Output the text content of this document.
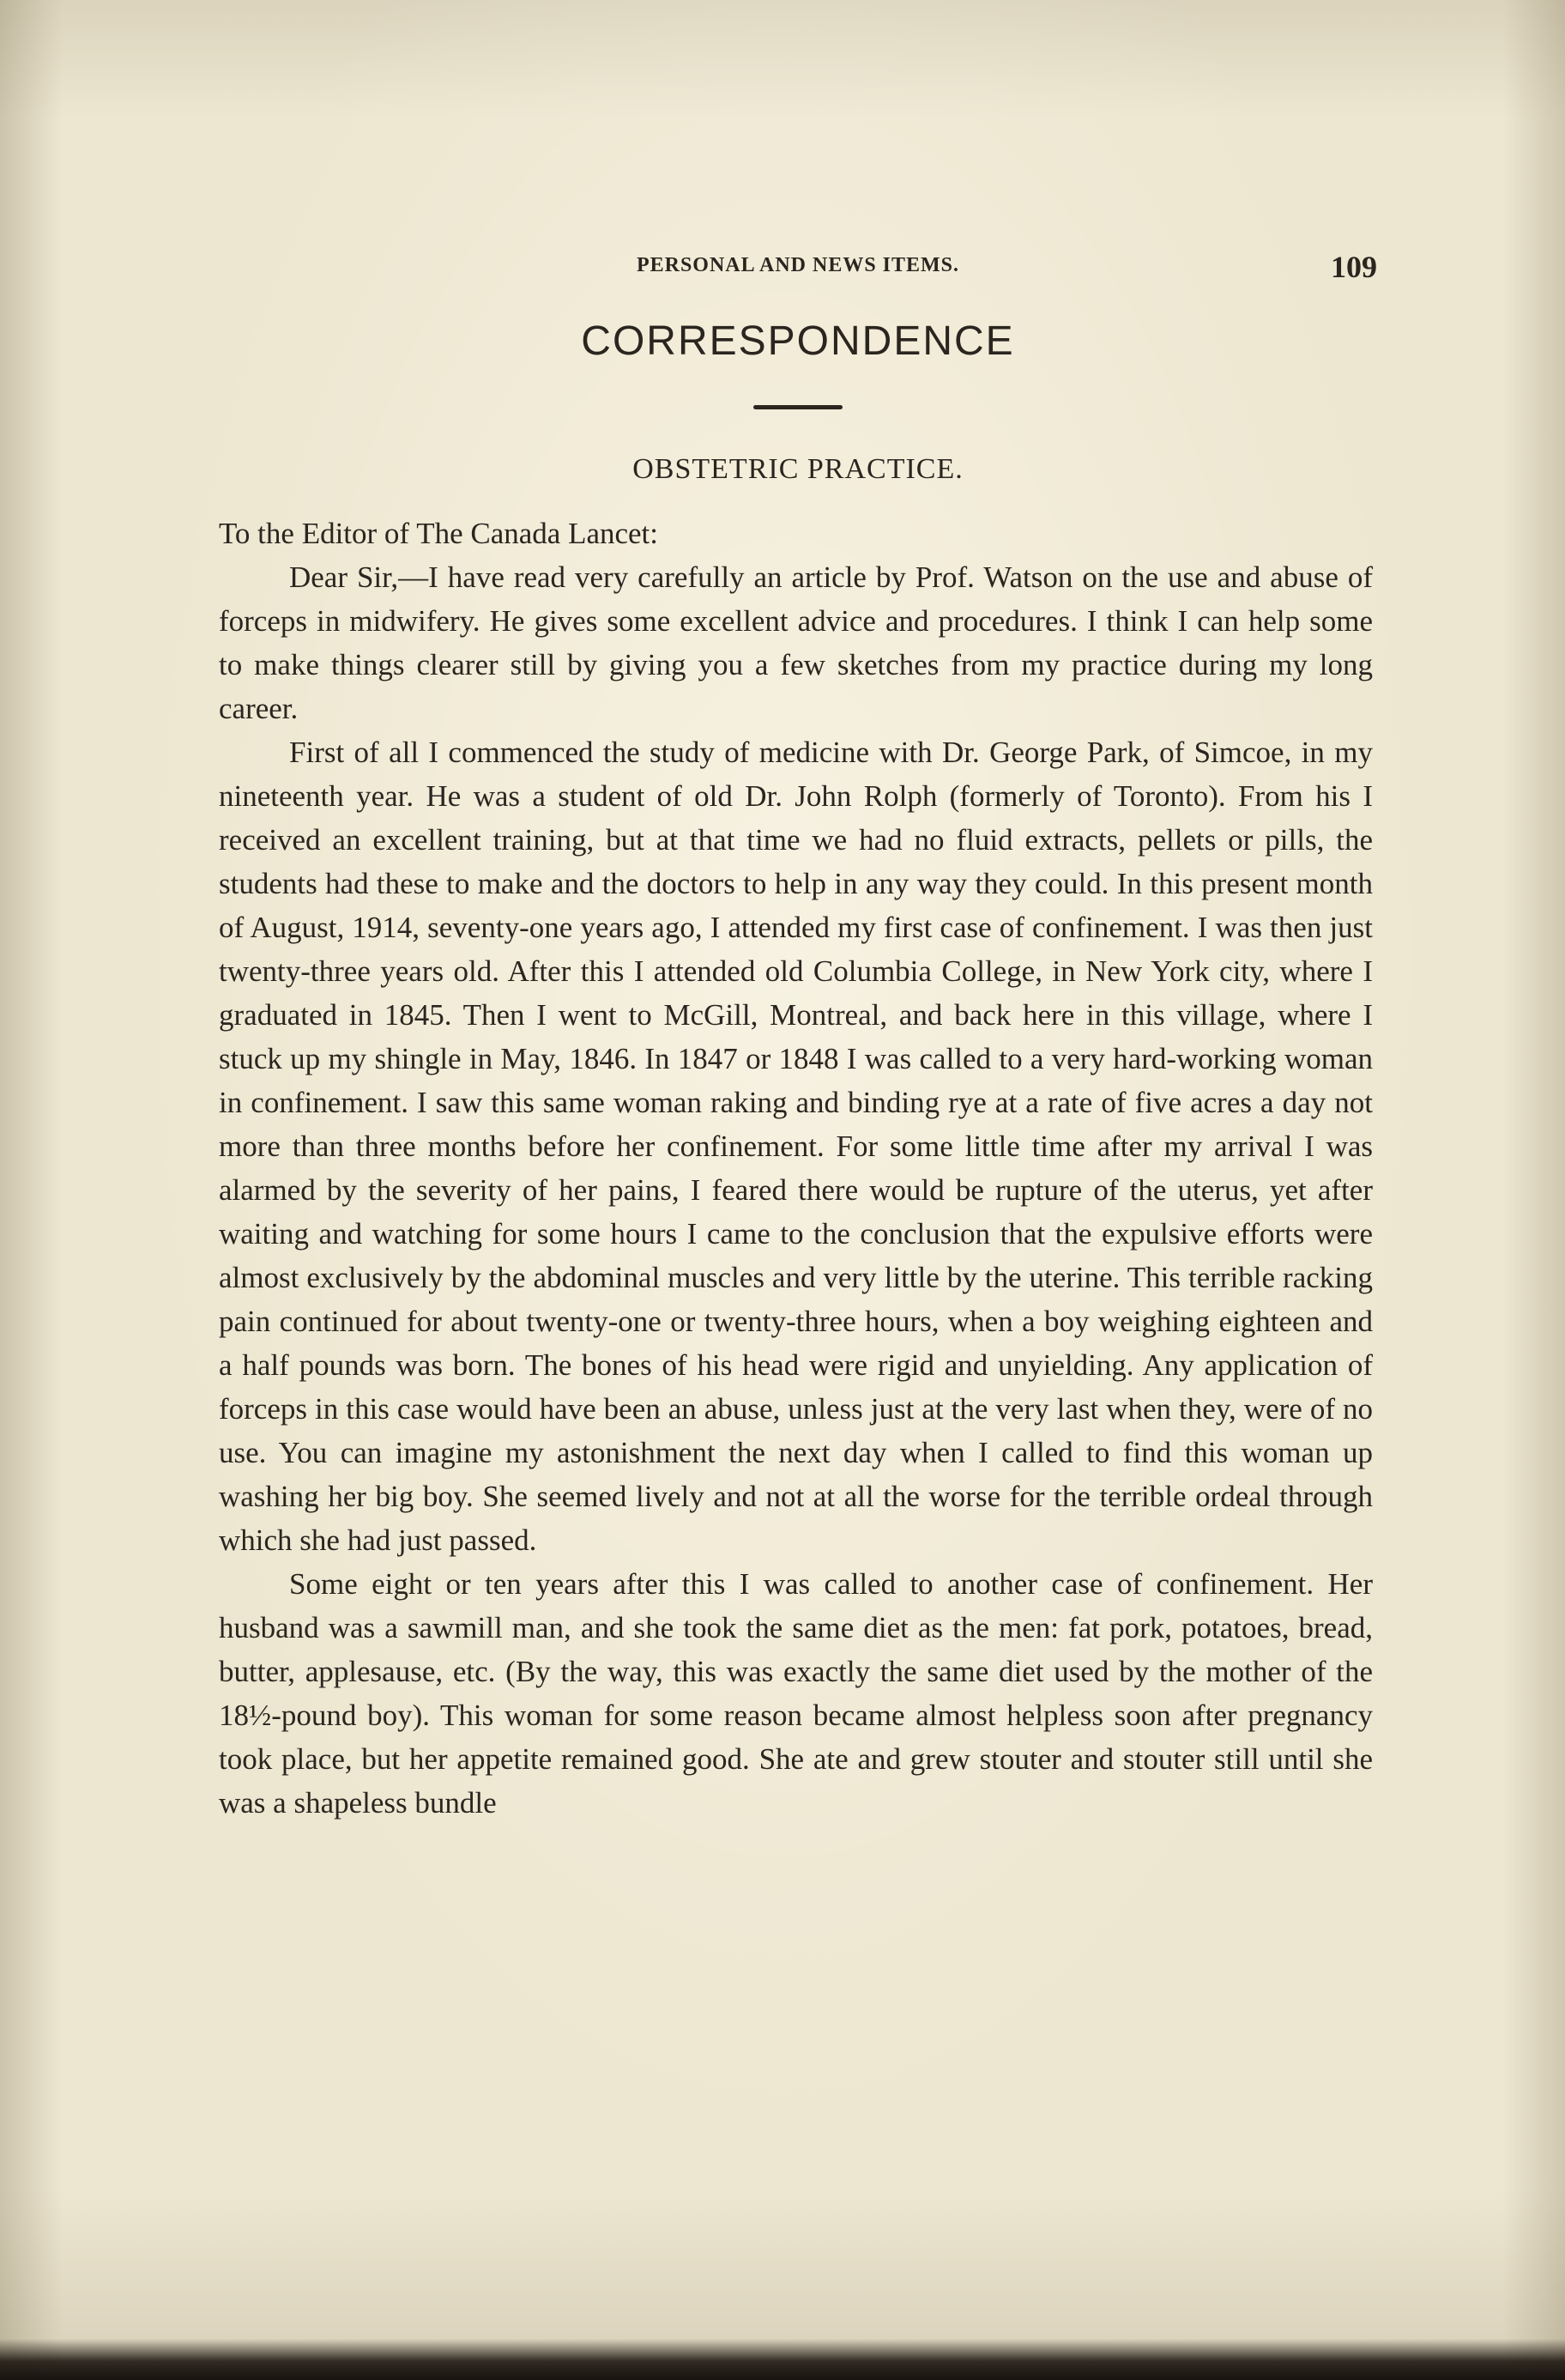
PERSONAL AND NEWS ITEMS.	109
CORRESPONDENCE
OBSTETRIC PRACTICE.

To the Editor of The Canada Lancet:

Dear Sir,—I have read very carefully an article by Prof. Watson on the use and abuse of forceps in midwifery. He gives some excellent advice and procedures. I think I can help some to make things clearer still by giving you a few sketches from my practice during my long career.

First of all I commenced the study of medicine with Dr. George Park, of Simcoe, in my nineteenth year. He was a student of old Dr. John Rolph (formerly of Toronto). From his I received an excellent training, but at that time we had no fluid extracts, pellets or pills, the students had these to make and the doctors to help in any way they could. In this present month of August, 1914, seventy-one years ago, I attended my first case of confinement. I was then just twenty-three years old. After this I attended old Columbia College, in New York city, where I graduated in 1845. Then I went to McGill, Montreal, and back here in this village, where I stuck up my shingle in May, 1846. In 1847 or 1848 I was called to a very hard-working woman in confinement. I saw this same woman raking and binding rye at a rate of five acres a day not more than three months before her confinement. For some little time after my arrival I was alarmed by the severity of her pains, I feared there would be rupture of the uterus, yet after waiting and watching for some hours I came to the conclusion that the expulsive efforts were almost exclusively by the abdominal muscles and very little by the uterine. This terrible racking pain continued for about twenty-one or twenty-three hours, when a boy weighing eighteen and a half pounds was born. The bones of his head were rigid and unyielding. Any application of forceps in this case would have been an abuse, unless just at the very last when they, were of no use. You can imagine my astonishment the next day when I called to find this woman up washing her big boy. She seemed lively and not at all the worse for the terrible ordeal through which she had just passed.

Some eight or ten years after this I was called to another case of confinement. Her husband was a sawmill man, and she took the same diet as the men: fat pork, potatoes, bread, butter, applesause, etc. (By the way, this was exactly the same diet used by the mother of the 18½-pound boy). This woman for some reason became almost helpless soon after pregnancy took place, but her appetite remained good. She ate and grew stouter and stouter still until she was a shapeless bundle
